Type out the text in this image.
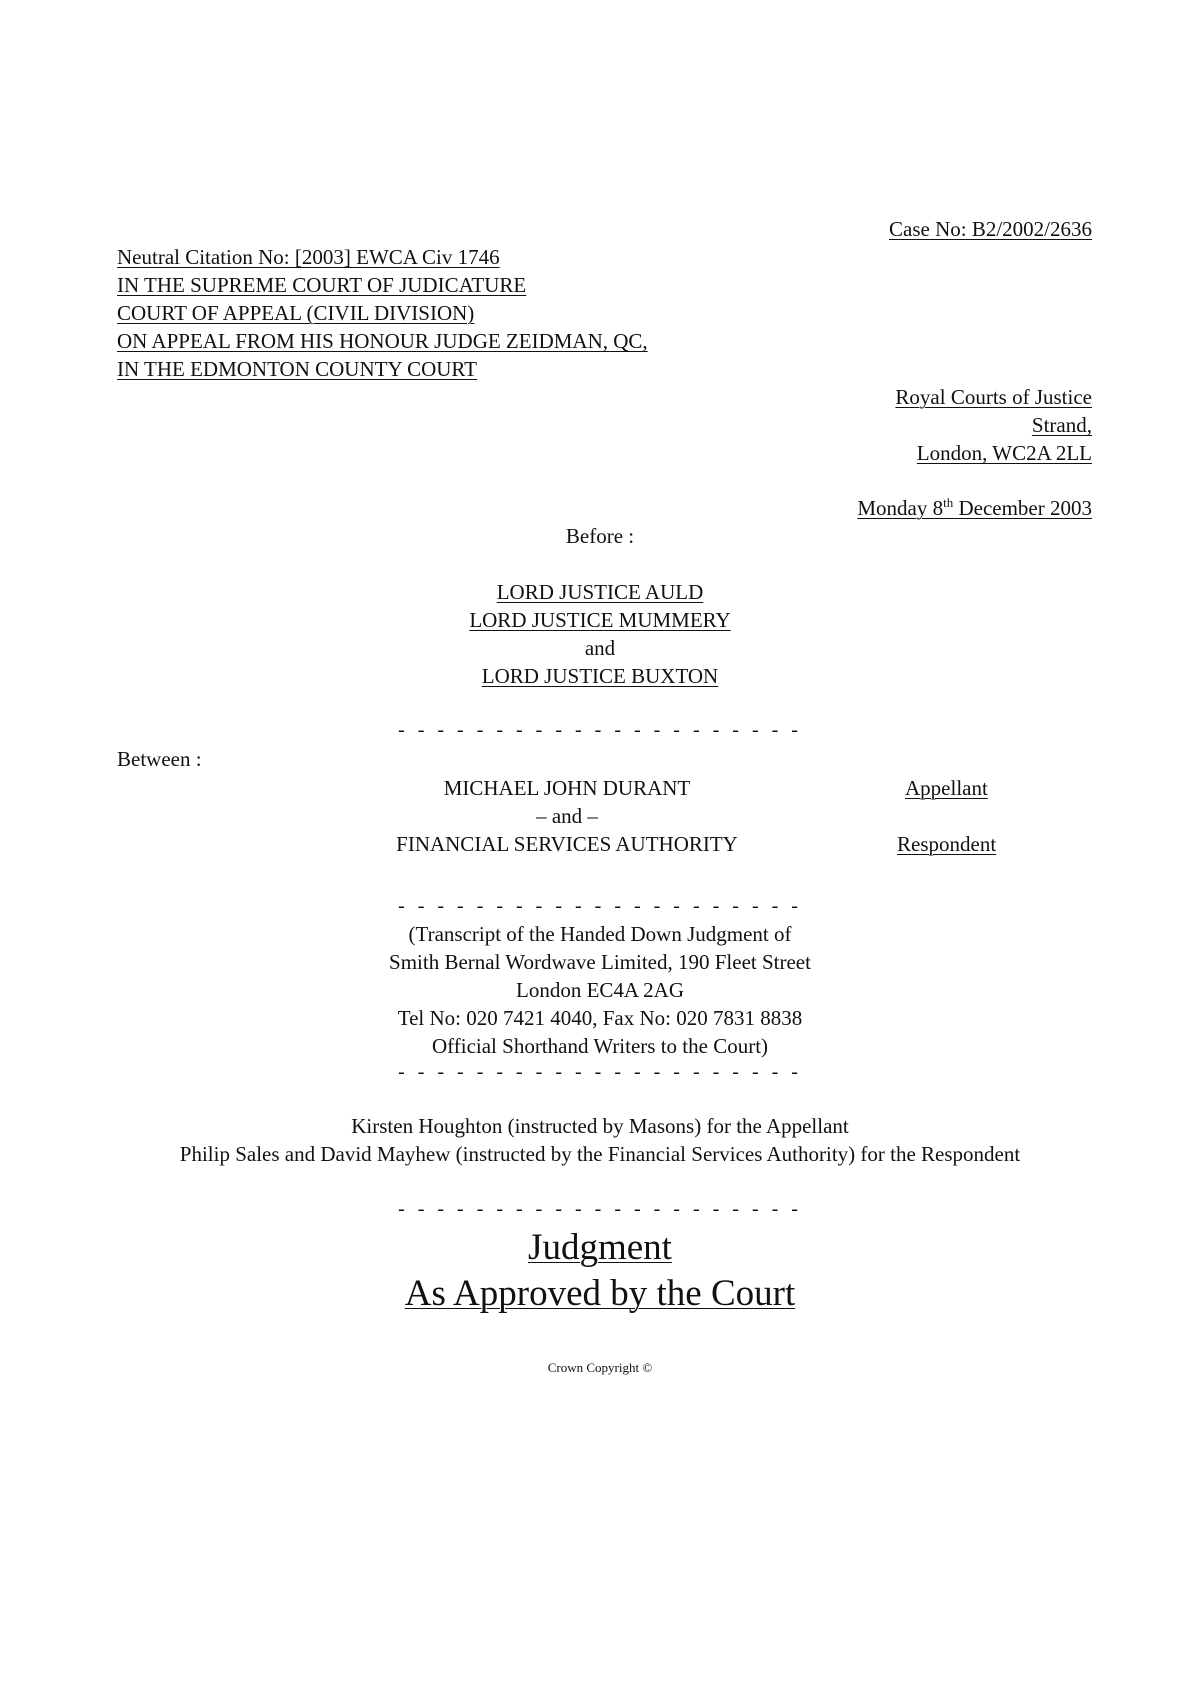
Case No: B2/2002/2636
Neutral Citation No: [2003] EWCA Civ 1746
IN THE SUPREME COURT OF JUDICATURE
COURT OF APPEAL (CIVIL DIVISION)
ON APPEAL FROM HIS HONOUR JUDGE ZEIDMAN, QC,
IN THE EDMONTON COUNTY COURT
Royal Courts of Justice
Strand,
London, WC2A 2LL
Monday 8th December 2003
Before :
LORD JUSTICE AULD
LORD JUSTICE MUMMERY
and
LORD JUSTICE BUXTON
- - - - - - - - - - - - - - - - - - - - -
Between :
MICHAEL JOHN DURANT	Appellant
– and –
FINANCIAL SERVICES AUTHORITY	Respondent
- - - - - - - - - - - - - - - - - - - - -
(Transcript of the Handed Down Judgment of
Smith Bernal Wordwave Limited, 190 Fleet Street
London EC4A 2AG
Tel No: 020 7421 4040, Fax No: 020 7831 8838
Official Shorthand Writers to the Court)
- - - - - - - - - - - - - - - - - - - - -
Kirsten Houghton (instructed by Masons) for the Appellant
Philip Sales and David Mayhew (instructed by the Financial Services Authority) for the Respondent
- - - - - - - - - - - - - - - - - - - - -
Judgment
As Approved by the Court
Crown Copyright ©
